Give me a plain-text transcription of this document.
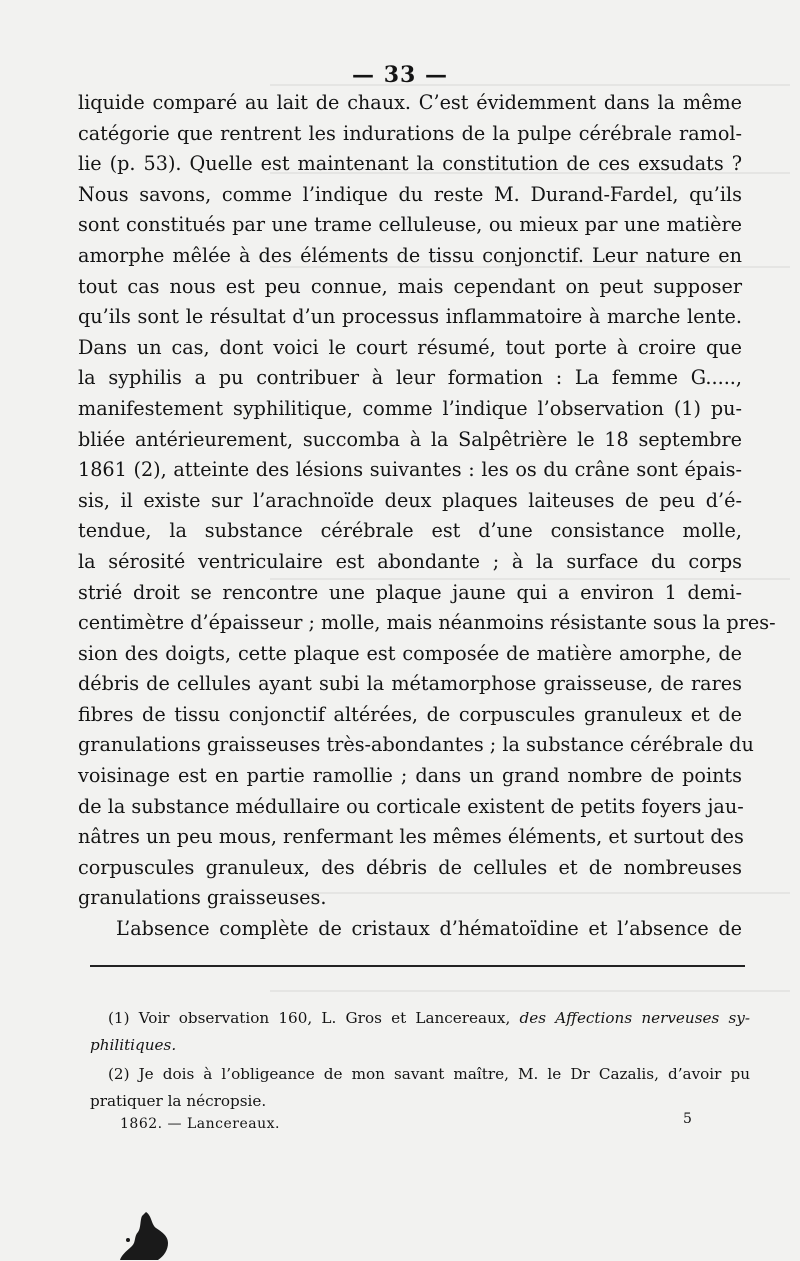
— 33 —
liquide comparé au lait de chaux. C’est évidemment dans la même
catégorie que rentrent les indurations de la pulpe cérébrale ramol-
lie (p. 53). Quelle est maintenant la constitution de ces exsudats ?
Nous savons, comme l’indique du reste M. Durand-Fardel, qu’ils
sont constitués par une trame celluleuse, ou mieux par une matière
amorphe mêlée à des éléments de tissu conjonctif. Leur nature en
tout cas nous est peu connue, mais cependant on peut supposer
qu’ils sont le résultat d’un processus inflammatoire à marche lente.
Dans un cas, dont voici le court résumé, tout porte à croire que
la syphilis a pu contribuer à leur formation : La femme G.....,
manifestement syphilitique, comme l’indique l’observation (1) pu-
bliée antérieurement, succomba à la Salpêtrière le 18 septembre
1861 (2), atteinte des lésions suivantes : les os du crâne sont épais-
sis, il existe sur l’arachnoïde deux plaques laiteuses de peu d’é-
tendue, la substance cérébrale est d’une consistance molle,
la sérosité ventriculaire est abondante ; à la surface du corps
strié droit se rencontre une plaque jaune qui a environ 1 demi-
centimètre d’épaisseur ; molle, mais néanmoins résistante sous la pres-
sion des doigts, cette plaque est composée de matière amorphe, de
débris de cellules ayant subi la métamorphose graisseuse, de rares
fibres de tissu conjonctif altérées, de corpuscules granuleux et de
granulations graisseuses très-abondantes ; la substance cérébrale du
voisinage est en partie ramollie ; dans un grand nombre de points
de la substance médullaire ou corticale existent de petits foyers jau-
nâtres un peu mous, renfermant les mêmes éléments, et surtout des
corpuscules granuleux, des débris de cellules et de nombreuses
granulations graisseuses.
L’absence complète de cristaux d’hématoïdine et l’absence de
(1) Voir observation 160, L. Gros et Lancereaux, des Affections nerveuses sy-
philitiques.
(2) Je dois à l’obligeance de mon savant maître, M. le Dr Cazalis, d’avoir pu
pratiquer la nécropsie.
1862. — Lancereaux.	5
